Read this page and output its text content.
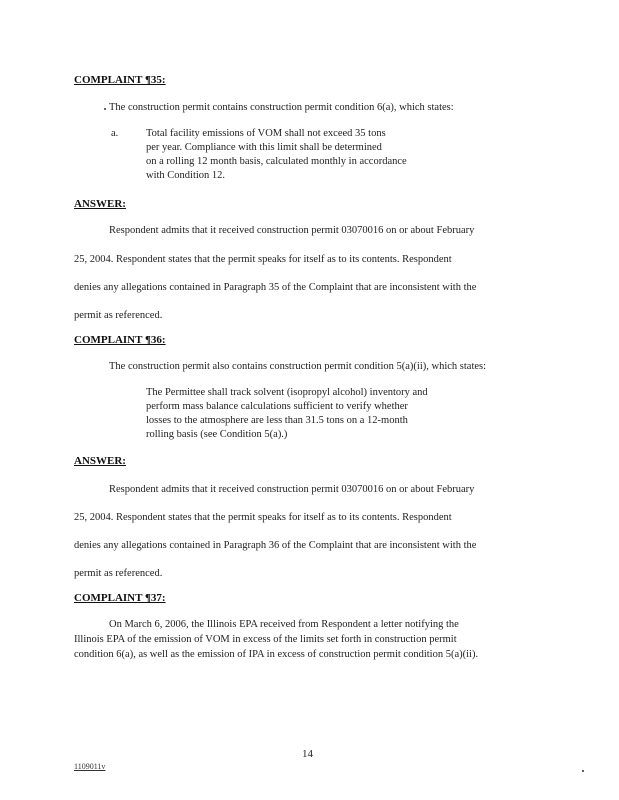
COMPLAINT ¶35:
The construction permit contains construction permit condition 6(a), which states:
a.	Total facility emissions of VOM shall not exceed 35 tons
per year. Compliance with this limit shall be determined
on a rolling 12 month basis, calculated monthly in accordance
with Condition 12.
ANSWER:
Respondent admits that it received construction permit 03070016 on or about February
25, 2004. Respondent states that the permit speaks for itself as to its contents. Respondent
denies any allegations contained in Paragraph 35 of the Complaint that are inconsistent with the
permit as referenced.
COMPLAINT ¶36:
The construction permit also contains construction permit condition 5(a)(ii), which states:
The Permittee shall track solvent (isopropyl alcohol) inventory and
perform mass balance calculations sufficient to verify whether
losses to the atmosphere are less than 31.5 tons on a 12-month
rolling basis (see Condition 5(a).)
ANSWER:
Respondent admits that it received construction permit 03070016 on or about February
25, 2004. Respondent states that the permit speaks for itself as to its contents. Respondent
denies any allegations contained in Paragraph 36 of the Complaint that are inconsistent with the
permit as referenced.
COMPLAINT ¶37:
On March 6, 2006, the Illinois EPA received from Respondent a letter notifying the
Illinois EPA of the emission of VOM in excess of the limits set forth in construction permit
condition 6(a), as well as the emission of IPA in excess of construction permit condition 5(a)(ii).
14
1109011v
